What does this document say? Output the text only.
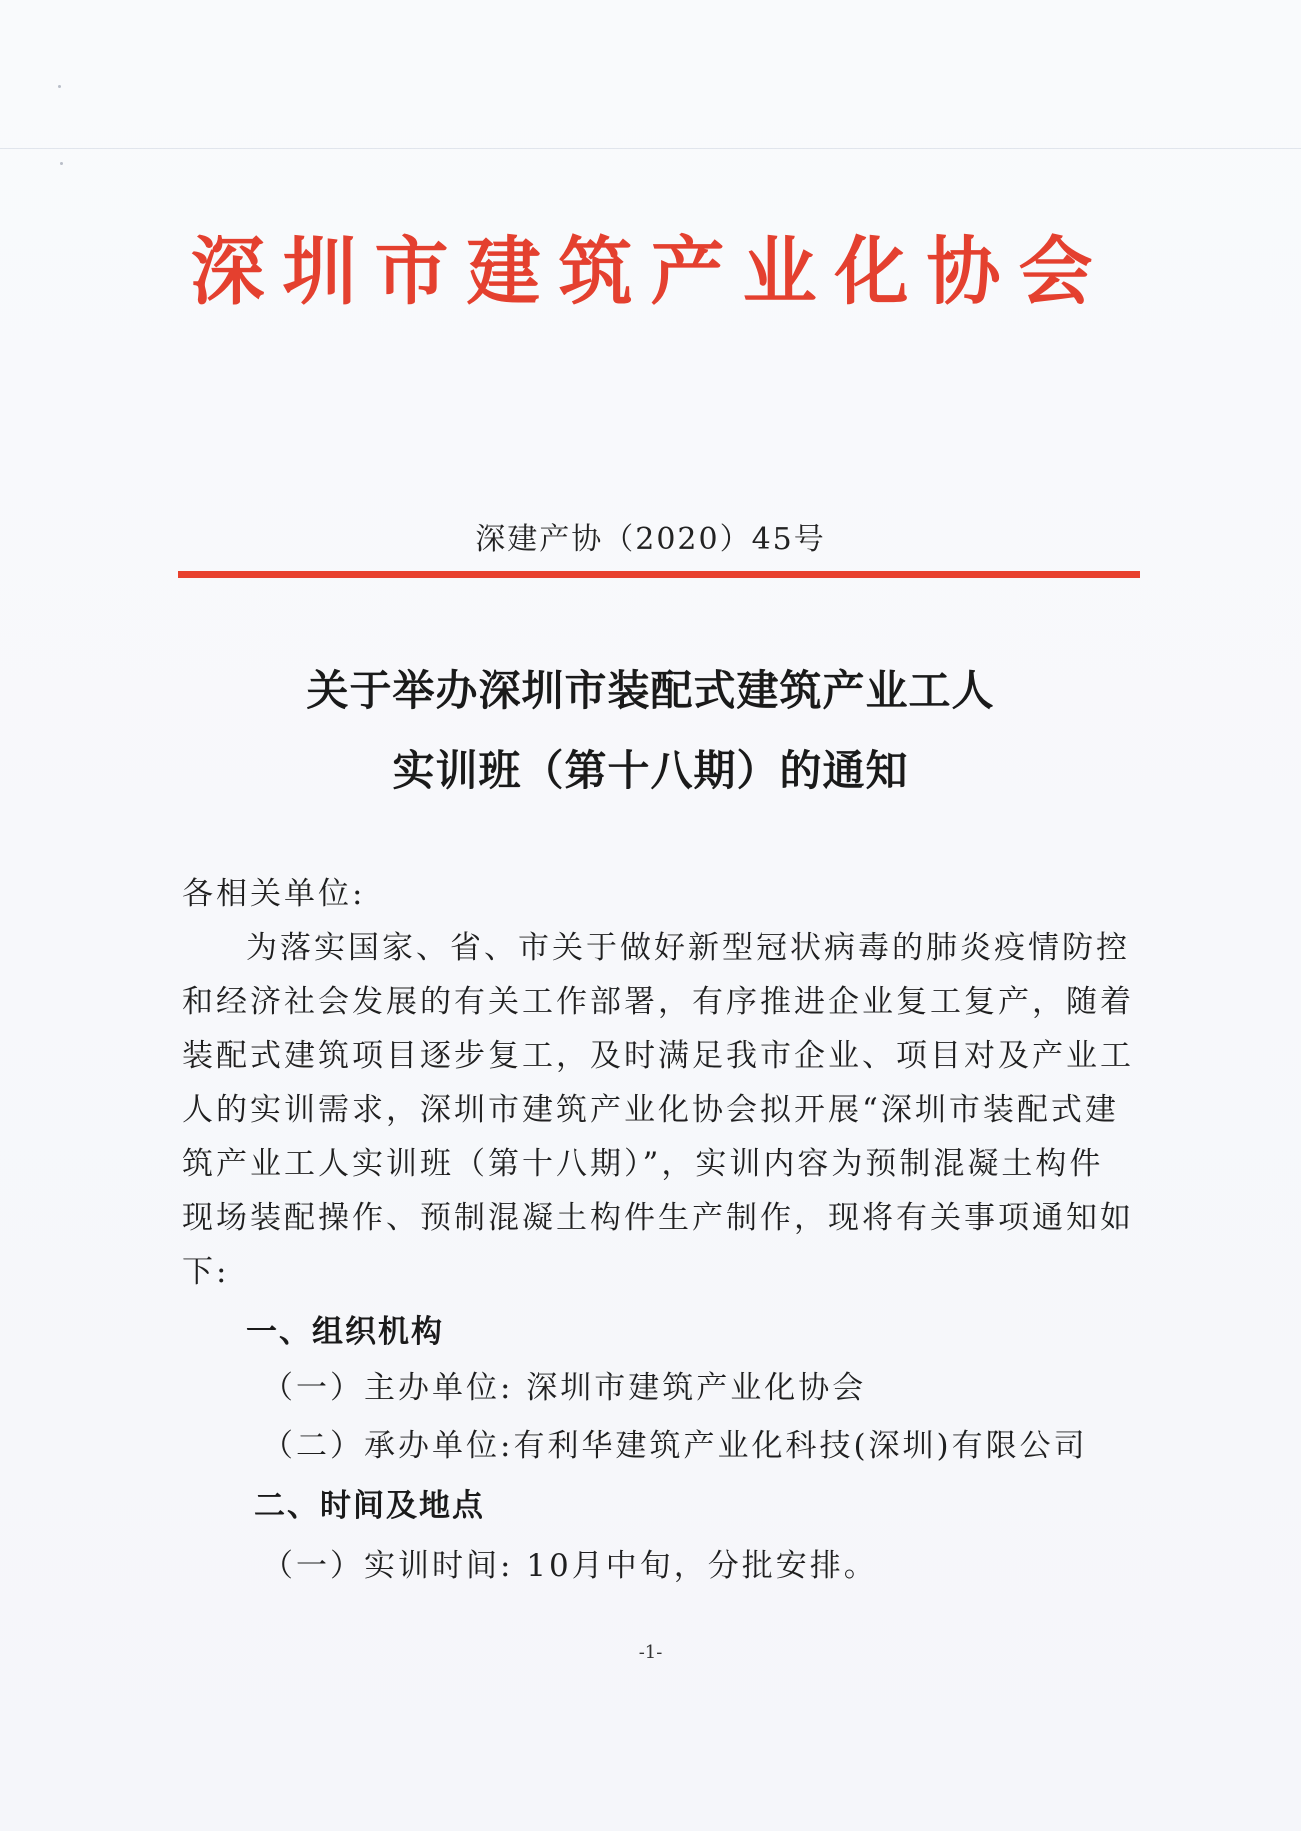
深圳市建筑产业化协会
深建产协（2020）45号
关于举办深圳市装配式建筑产业工人
实训班（第十八期）的通知
各相关单位:
为落实国家、省、市关于做好新型冠状病毒的肺炎疫情防控
和经济社会发展的有关工作部署，有序推进企业复工复产，随着
装配式建筑项目逐步复工，及时满足我市企业、项目对及产业工
人的实训需求，深圳市建筑产业化协会拟开展“深圳市装配式建
筑产业工人实训班（第十八期）”，实训内容为预制混凝土构件
现场装配操作、预制混凝土构件生产制作，现将有关事项通知如
下:
一、组织机构
（一）主办单位: 深圳市建筑产业化协会
（二）承办单位:有利华建筑产业化科技(深圳)有限公司
二、时间及地点
（一）实训时间: 10月中旬，分批安排。
-1-
